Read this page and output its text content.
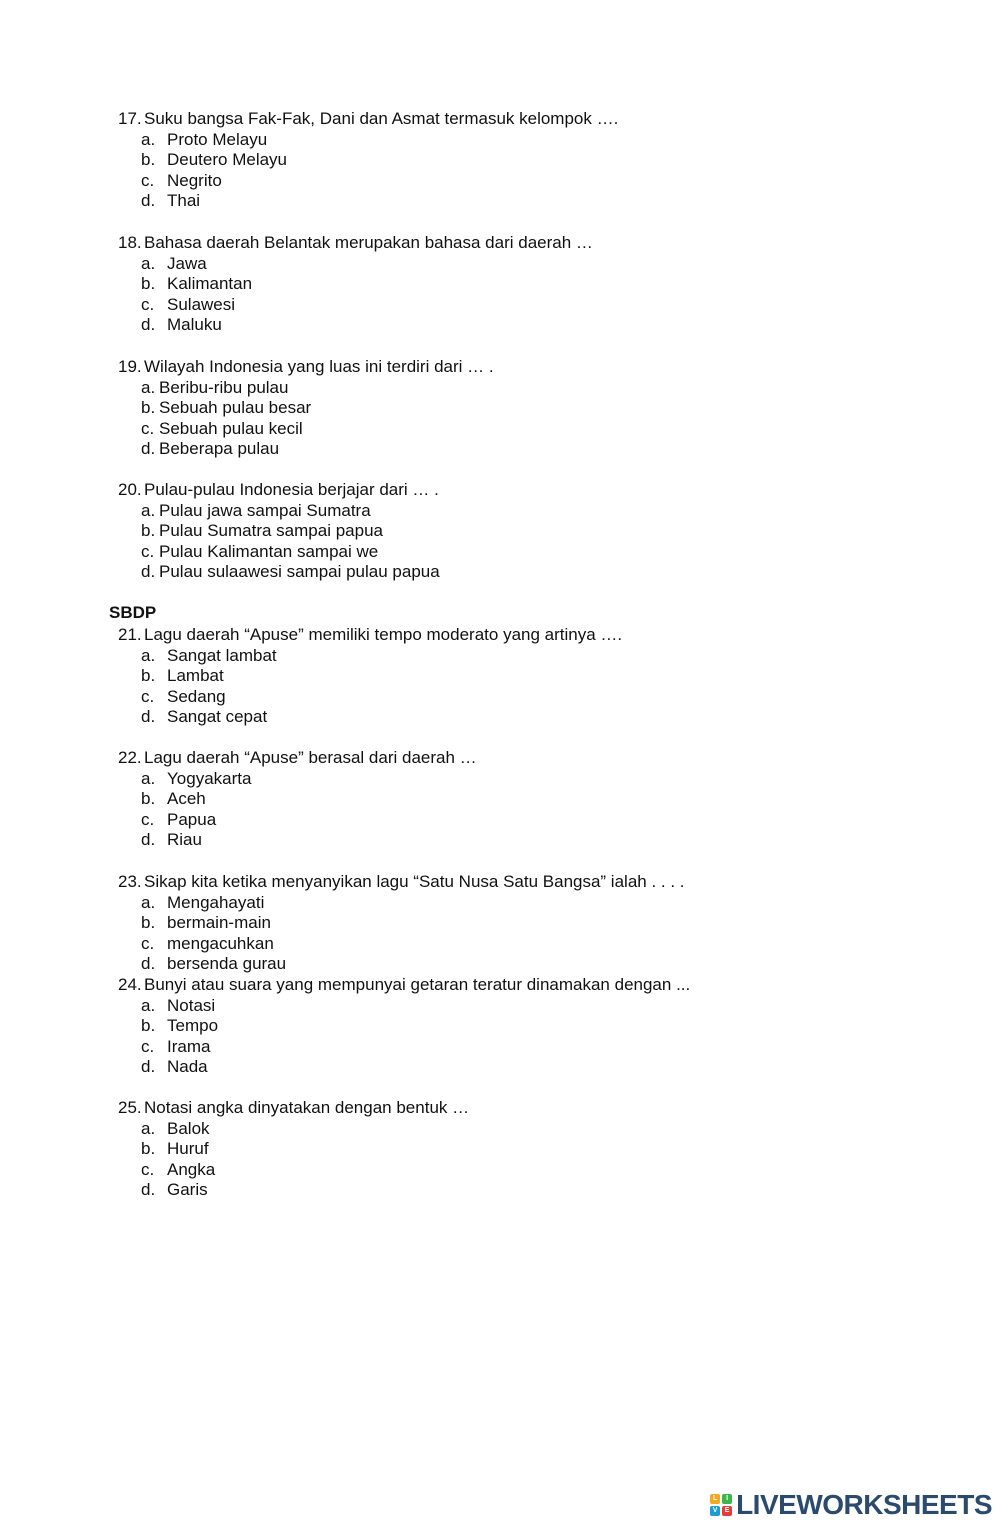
17. Suku bangsa Fak-Fak, Dani dan Asmat termasuk kelompok ….
a. Proto Melayu
b. Deutero Melayu
c. Negrito
d. Thai
18. Bahasa daerah Belantak merupakan bahasa dari daerah …
a. Jawa
b. Kalimantan
c. Sulawesi
d. Maluku
19. Wilayah Indonesia yang luas ini terdiri dari … .
a. Beribu-ribu pulau
b. Sebuah pulau besar
c. Sebuah pulau kecil
d. Beberapa pulau
20. Pulau-pulau Indonesia berjajar dari … .
a. Pulau jawa sampai Sumatra
b. Pulau Sumatra sampai papua
c. Pulau Kalimantan sampai we
d. Pulau sulaawesi sampai pulau papua
SBDP
21. Lagu daerah “Apuse” memiliki tempo moderato yang artinya ….
a. Sangat lambat
b. Lambat
c. Sedang
d. Sangat cepat
22. Lagu daerah “Apuse” berasal dari daerah …
a. Yogyakarta
b. Aceh
c. Papua
d. Riau
23. Sikap kita ketika menyanyikan lagu “Satu Nusa Satu Bangsa” ialah . . . .
a. Mengahayati
b. bermain-main
c. mengacuhkan
d. bersenda gurau
24. Bunyi atau suara yang mempunyai getaran teratur dinamakan dengan ...
a. Notasi
b. Tempo
c. Irama
d. Nada
25. Notasi angka dinyatakan dengan bentuk …
a. Balok
b. Huruf
c. Angka
d. Garis
L	I
V	E LIVEWORKSHEETS
